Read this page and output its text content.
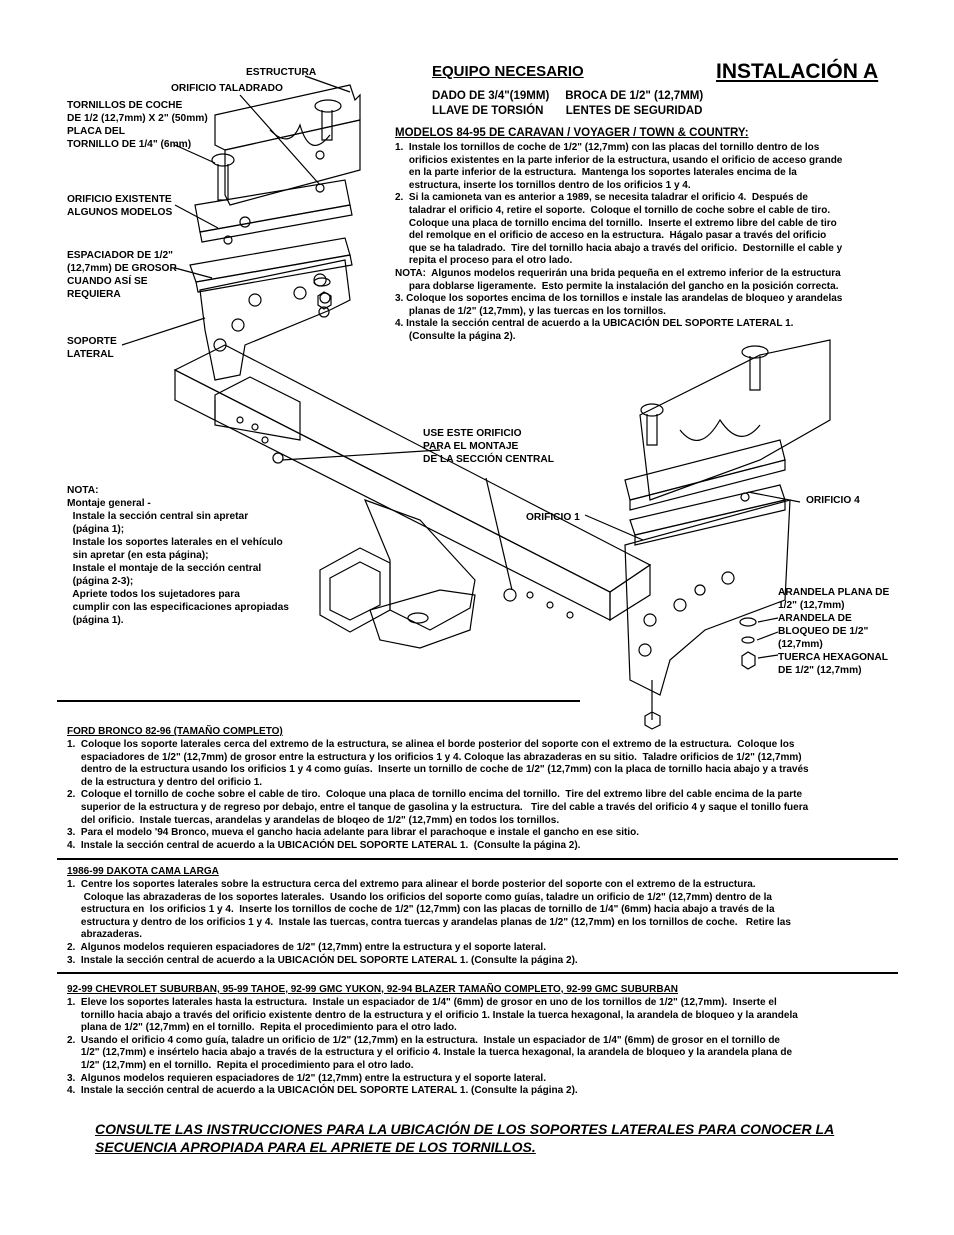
INSTALACIÓN A
EQUIPO NECESARIO
DADO DE 3/4"(19MM)     BROCA DE 1/2" (12,7MM)
LLAVE DE TORSIÓN       LENTES DE SEGURIDAD
MODELOS 84-95 DE CARAVAN / VOYAGER / TOWN & COUNTRY:
1.  Instale los tornillos de coche de 1/2" (12,7mm) con las placas del tornillo dentro de los
orificios existentes en la parte inferior de la estructura, usando el orificio de acceso grande
en la parte inferior de la estructura.  Mantenga los soportes laterales encima de la
estructura, inserte los tornillos dentro de los orificios 1 y 4.
2.  Si la camioneta van es anterior a 1989, se necesita taladrar el orificio 4.  Después de
taladrar el orificio 4, retire el soporte.  Coloque el tornillo de coche sobre el cable de tiro.
Coloque una placa de tornillo encima del tornillo.  Inserte el extremo libre del cable de tiro
del remolque en el orificio de acceso en la estructura.  Hágalo pasar a través del orificio
que se ha taladrado.  Tire del tornillo hacia abajo a través del orificio.  Destornille el cable y
repita el proceso para el otro lado.
NOTA:  Algunos modelos requerirán una brida pequeña en el extremo inferior de la estructura
para doblarse ligeramente.  Esto permite la instalación del gancho en la posición correcta.
3. Coloque los soportes encima de los tornillos e instale las arandelas de bloqueo y arandelas
planas de 1/2" (12,7mm), y las tuercas en los tornillos.
4. Instale la sección central de acuerdo a la UBICACIÓN DEL SOPORTE LATERAL 1.
(Consulte la página 2).
ESTRUCTURA
ORIFICIO TALADRADO
TORNILLOS DE COCHE
DE 1/2 (12,7mm) X 2" (50mm)
PLACA DEL
TORNILLO DE 1/4" (6mm)
ORIFICIO EXISTENTE
ALGUNOS MODELOS
ESPACIADOR DE 1/2"
(12,7mm) DE GROSOR
CUANDO ASÍ SE
REQUIERA
SOPORTE
LATERAL
USE ESTE ORIFICIO
PARA EL MONTAJE
DE LA SECCIÓN CENTRAL
ORIFICIO 1
ORIFICIO 4
ARANDELA PLANA DE
1/2" (12,7mm)
ARANDELA DE
BLOQUEO DE 1/2"
(12,7mm)
TUERCA HEXAGONAL
DE 1/2" (12,7mm)
NOTA:
Montaje general -
Instale la sección central sin apretar
(página 1);
Instale los soportes laterales en el vehículo
sin apretar (en esta página);
Instale el montaje de la sección central
(página 2-3);
Apriete todos los sujetadores para
cumplir con las especificaciones apropiadas
(página 1).
FORD BRONCO 82-96 (TAMAÑO COMPLETO)
1.  Coloque los soporte laterales cerca del extremo de la estructura, se alinea el borde posterior del soporte con el extremo de la estructura.  Coloque los
espaciadores de 1/2" (12,7mm) de grosor entre la estructura y los orificios 1 y 4. Coloque las abrazaderas en su sitio.  Taladre orificios de 1/2" (12,7mm)
dentro de la estructura usando los orificios 1 y 4 como guías.  Inserte un tornillo de coche de 1/2" (12,7mm) con la placa de tornillo hacia abajo y a través
de la estructura y dentro del orificio 1.
2.  Coloque el tornillo de coche sobre el cable de tiro.  Coloque una placa de tornillo encima del tornillo.  Tire del extremo libre del cable encima de la parte
superior de la estructura y de regreso por debajo, entre el tanque de gasolina y la estructura.   Tire del cable a través del orificio 4 y saque el tonillo fuera
del orificio.  Instale tuercas, arandelas y arandelas de bloqeo de 1/2" (12,7mm) en todos los tornillos.
3.  Para el modelo '94 Bronco, mueva el gancho hacia adelante para librar el parachoque e instale el gancho en ese sitio.
4.  Instale la sección central de acuerdo a la UBICACIÓN DEL SOPORTE LATERAL 1.  (Consulte la página 2).
1986-99 DAKOTA CAMA LARGA
1.  Centre los soportes laterales sobre la estructura cerca del extremo para alinear el borde posterior del soporte con el extremo de la estructura.
Coloque las abrazaderas de los soportes laterales.  Usando los orificios del soporte como guías, taladre un orificio de 1/2" (12,7mm) dentro de la
estructura en  los orificios 1 y 4.  Inserte los tornillos de coche de 1/2" (12,7mm) con las placas de tornillo de 1/4" (6mm) hacia abajo a través de la
estructura y dentro de los orificios 1 y 4.  Instale las tuercas, contra tuercas y arandelas planas de 1/2" (12,7mm) en los tornillos de coche.   Retire las
abrazaderas.
2.  Algunos modelos requieren espaciadores de 1/2" (12,7mm) entre la estructura y el soporte lateral.
3.  Instale la sección central de acuerdo a la UBICACIÓN DEL SOPORTE LATERAL 1. (Consulte la página 2).
92-99 CHEVROLET SUBURBAN, 95-99 TAHOE, 92-99 GMC YUKON, 92-94 BLAZER TAMAÑO COMPLETO, 92-99 GMC SUBURBAN
1.  Eleve los soportes laterales hasta la estructura.  Instale un espaciador de 1/4" (6mm) de grosor en uno de los tornillos de 1/2" (12,7mm).  Inserte el
tornillo hacia abajo a través del orificio existente dentro de la estructura y el orificio 1. Instale la tuerca hexagonal, la arandela de bloqueo y la arandela
plana de 1/2" (12,7mm) en el tornillo.  Repita el procedimiento para el otro lado.
2.  Usando el orificio 4 como guía, taladre un orificio de 1/2" (12,7mm) en la estructura.  Instale un espaciador de 1/4" (6mm) de grosor en el tornillo de
1/2" (12,7mm) e insértelo hacia abajo a través de la estructura y el orificio 4. Instale la tuerca hexagonal, la arandela de bloqueo y la arandela plana de
1/2" (12,7mm) en el tornillo.  Repita el procedimiento para el otro lado.
3.  Algunos modelos requieren espaciadores de 1/2" (12,7mm) entre la estructura y el soporte lateral.
4.  Instale la sección central de acuerdo a la UBICACIÓN DEL SOPORTE LATERAL 1. (Consulte la página 2).
CONSULTE LAS INSTRUCCIONES PARA LA UBICACIÓN DE LOS SOPORTES LATERALES PARA CONOCER LA
SECUENCIA APROPIADA PARA EL APRIETE DE LOS TORNILLOS.
